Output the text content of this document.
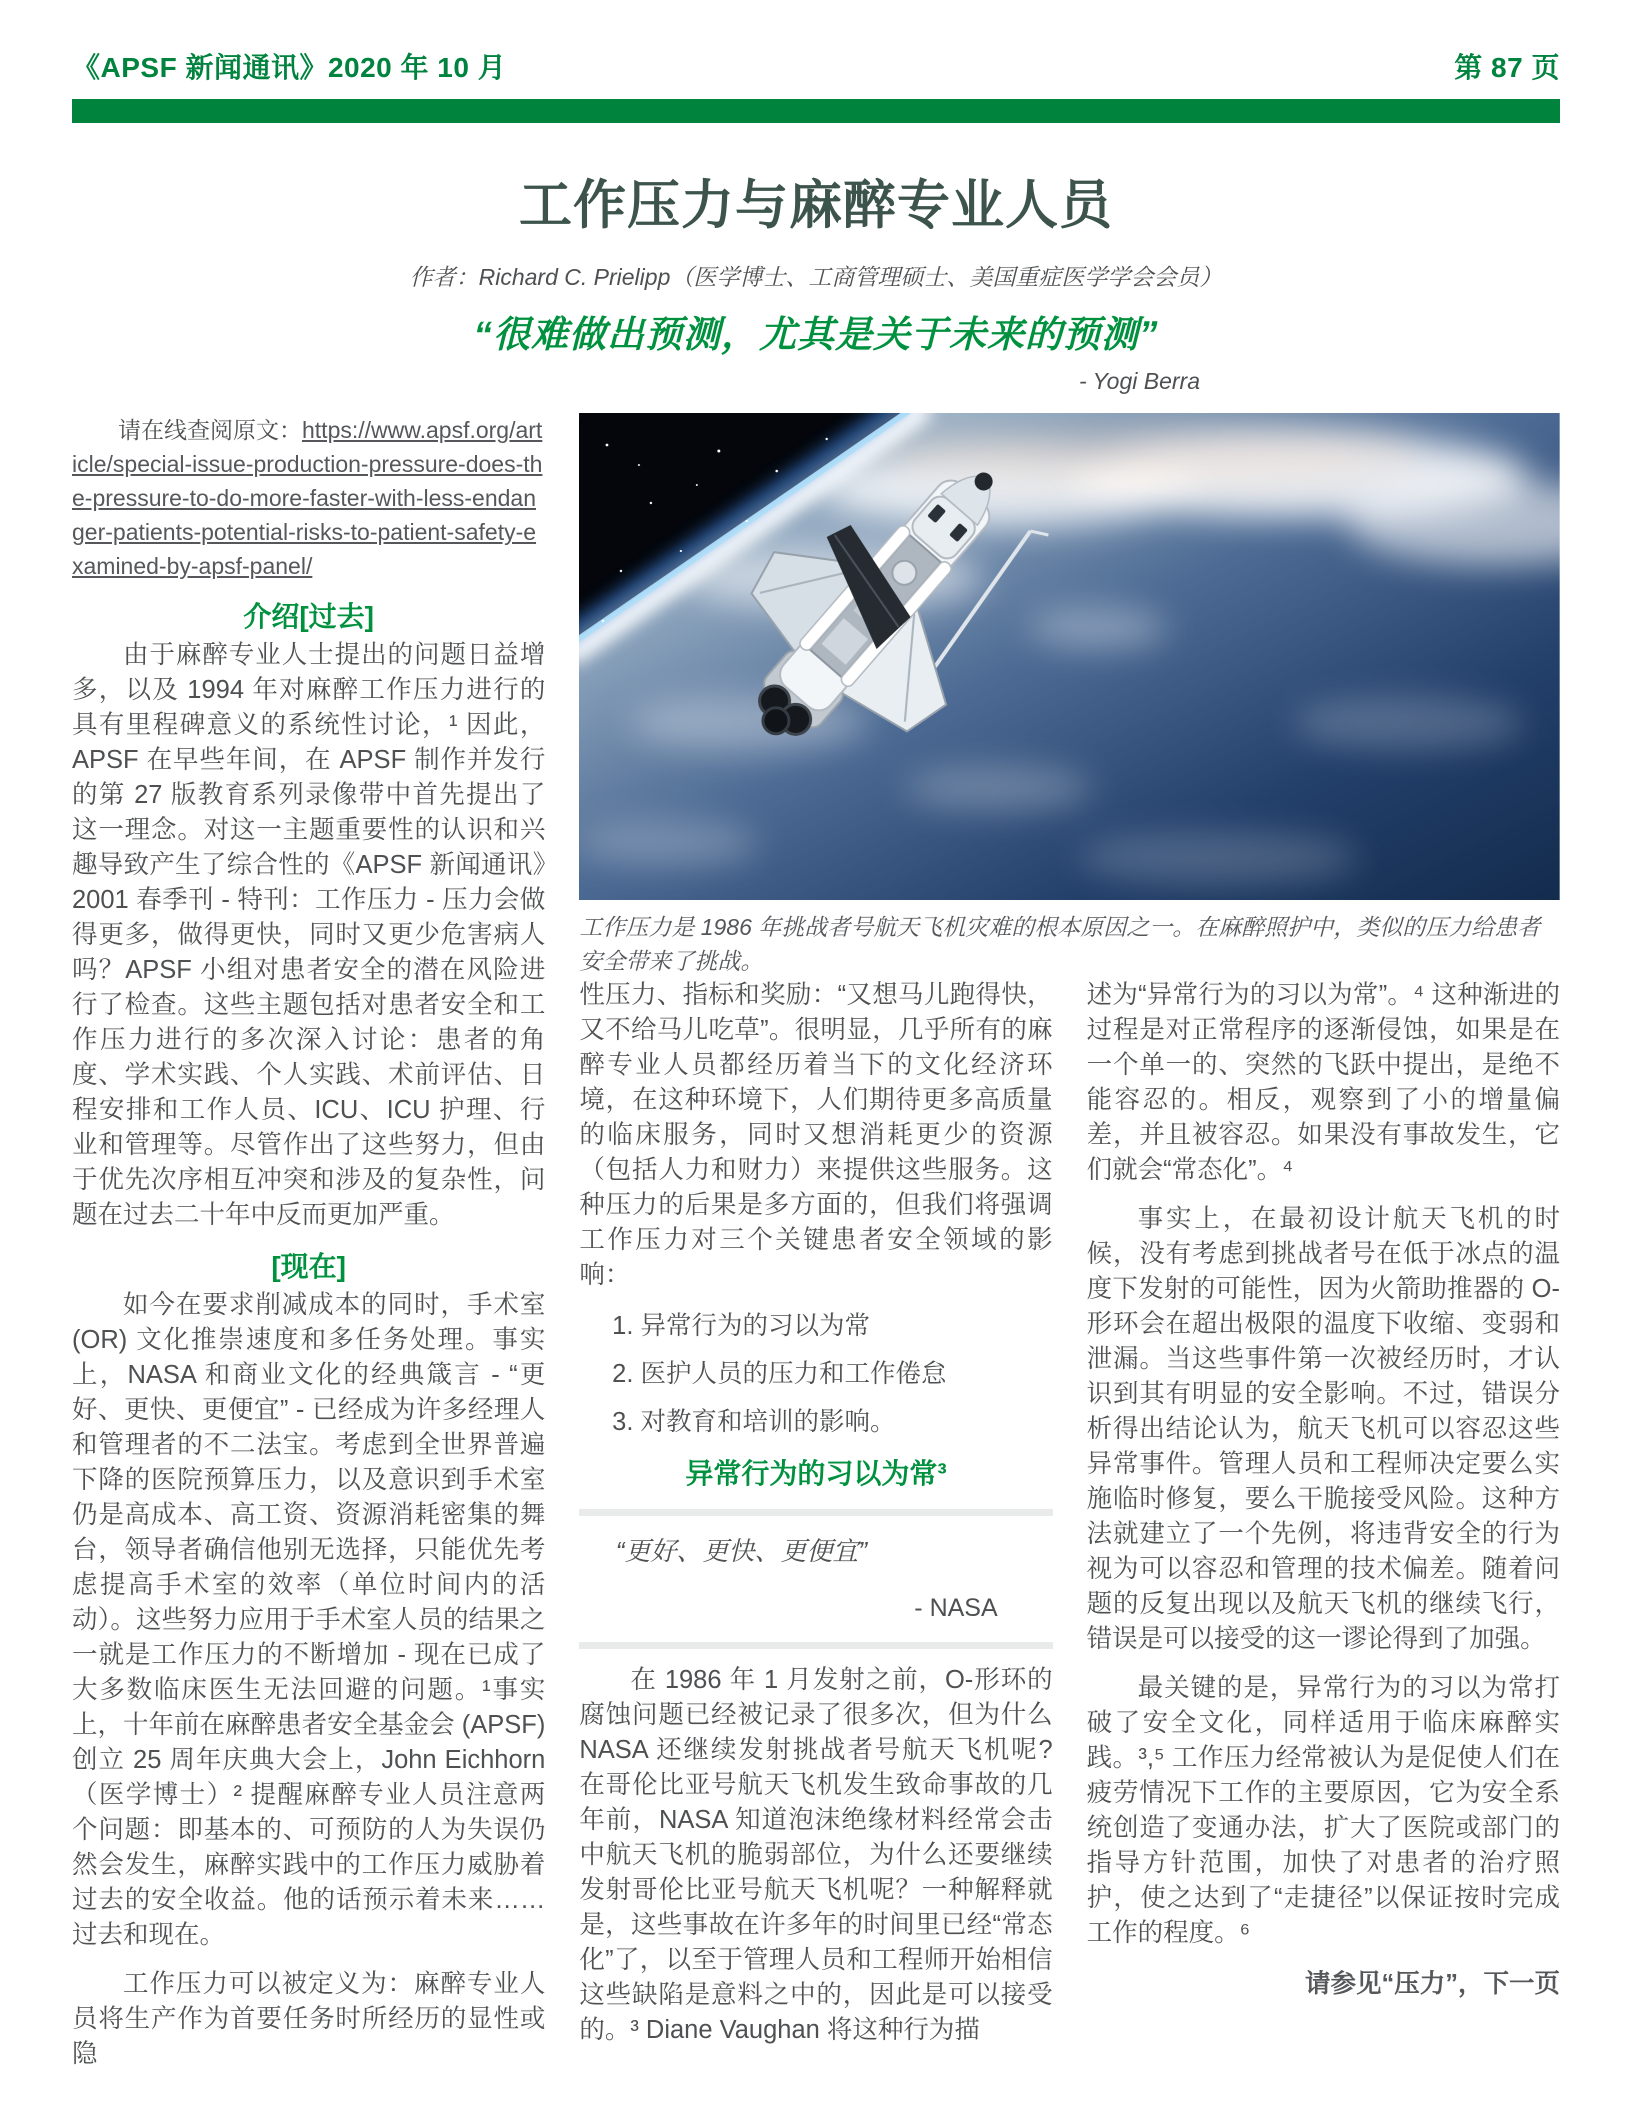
《APSF 新闻通讯》2020 年 10 月	第 87 页
工作压力与麻醉专业人员
作者：Richard C. Prielipp（医学博士、工商管理硕士、美国重症医学学会会员）
“很难做出预测，尤其是关于未来的预测”
- Yogi Berra

请在线查阅原文：https://www.apsf.org/article/special-issue-production-pressure-does-the-pressure-to-do-more-faster-with-less-endanger-patients-potential-risks-to-patient-safety-examined-by-apsf-panel/

介绍[过去]

由于麻醉专业人士提出的问题日益增多，以及 1994 年对麻醉工作压力进行的具有里程碑意义的系统性讨论，¹ 因此，APSF 在早些年间，在 APSF 制作并发行的第 27 版教育系列录像带中首先提出了这一理念。对这一主题重要性的认识和兴趣导致产生了综合性的《APSF 新闻通讯》2001 春季刊 - 特刊：工作压力 - 压力会做得更多，做得更快，同时又更少危害病人吗？APSF 小组对患者安全的潜在风险进行了检查。这些主题包括对患者安全和工作压力进行的多次深入讨论：患者的角度、学术实践、个人实践、术前评估、日程安排和工作人员、ICU、ICU 护理、行业和管理等。尽管作出了这些努力，但由于优先次序相互冲突和涉及的复杂性，问题在过去二十年中反而更加严重。

[现在]

如今在要求削减成本的同时，手术室 (OR) 文化推崇速度和多任务处理。事实上，NASA 和商业文化的经典箴言 - “更好、更快、更便宜” - 已经成为许多经理人和管理者的不二法宝。考虑到全世界普遍下降的医院预算压力，以及意识到手术室仍是高成本、高工资、资源消耗密集的舞台，领导者确信他别无选择，只能优先考虑提高手术室的效率（单位时间内的活动）。这些努力应用于手术室人员的结果之一就是工作压力的不断增加 - 现在已成了大多数临床医生无法回避的问题。¹事实上，十年前在麻醉患者安全基金会 (APSF) 创立 25 周年庆典大会上，John Eichhorn（医学博士）² 提醒麻醉专业人员注意两个问题：即基本的、可预防的人为失误仍然会发生，麻醉实践中的工作压力威胁着过去的安全收益。他的话预示着未来……过去和现在。

工作压力可以被定义为：麻醉专业人员将生产作为首要任务时所经历的显性或隐

工作压力是 1986 年挑战者号航天飞机灾难的根本原因之一。在麻醉照护中，类似的压力给患者安全带来了挑战。

性压力、指标和奖励：“又想马儿跑得快，又不给马儿吃草”。很明显，几乎所有的麻醉专业人员都经历着当下的文化经济环境，在这种环境下，人们期待更多高质量的临床服务，同时又想消耗更少的资源（包括人力和财力）来提供这些服务。这种压力的后果是多方面的，但我们将强调工作压力对三个关键患者安全领域的影响：

1. 异常行为的习以为常
2. 医护人员的压力和工作倦怠
3. 对教育和培训的影响。
异常行为的习以为常³
“更好、更快、更便宜”
- NASA

在 1986 年 1 月发射之前，O-形环的腐蚀问题已经被记录了很多次，但为什么 NASA 还继续发射挑战者号航天飞机呢? 在哥伦比亚号航天飞机发生致命事故的几年前，NASA 知道泡沫绝缘材料经常会击中航天飞机的脆弱部位，为什么还要继续发射哥伦比亚号航天飞机呢？一种解释就是，这些事故在许多年的时间里已经“常态化”了，以至于管理人员和工程师开始相信这些缺陷是意料之中的，因此是可以接受的。³ Diane Vaughan 将这种行为描

述为“异常行为的习以为常”。⁴ 这种渐进的过程是对正常程序的逐渐侵蚀，如果是在一个单一的、突然的飞跃中提出，是绝不能容忍的。相反，观察到了小的增量偏差，并且被容忍。如果没有事故发生，它们就会“常态化”。⁴

事实上，在最初设计航天飞机的时候，没有考虑到挑战者号在低于冰点的温度下发射的可能性，因为火箭助推器的 O-形环会在超出极限的温度下收缩、变弱和泄漏。当这些事件第一次被经历时，才认识到其有明显的安全影响。不过，错误分析得出结论认为，航天飞机可以容忍这些异常事件。管理人员和工程师决定要么实施临时修复，要么干脆接受风险。这种方法就建立了一个先例，将违背安全的行为视为可以容忍和管理的技术偏差。随着问题的反复出现以及航天飞机的继续飞行，错误是可以接受的这一谬论得到了加强。

最关键的是，异常行为的习以为常打破了安全文化，同样适用于临床麻醉实践。³,⁵ 工作压力经常被认为是促使人们在疲劳情况下工作的主要原因，它为安全系统创造了变通办法，扩大了医院或部门的指导方针范围，加快了对患者的治疗照护，使之达到了“走捷径”以保证按时完成工作的程度。⁶

请参见“压力”，下一页
